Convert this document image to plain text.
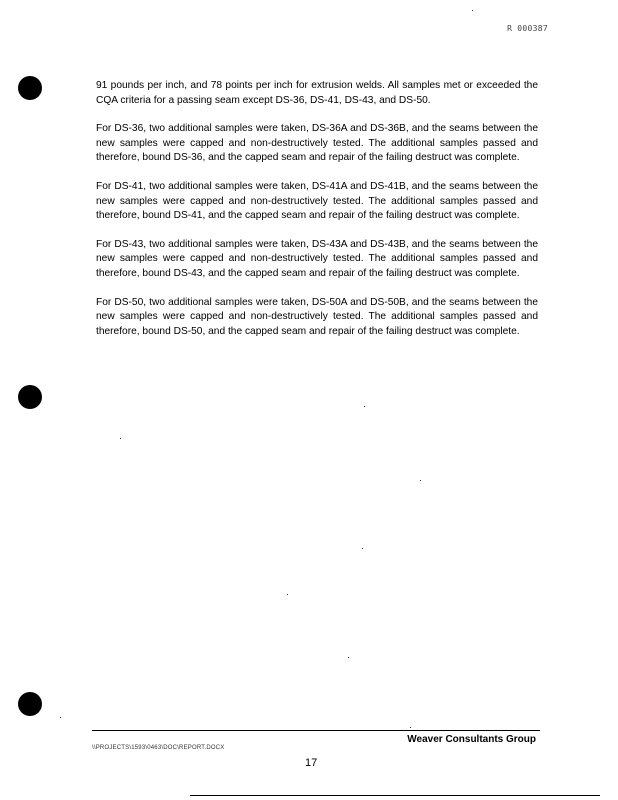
R 000387

91 pounds per inch, and 78 points per inch for extrusion welds. All samples met or exceeded the CQA criteria for a passing seam except DS-36, DS-41, DS-43, and DS-50.

For DS-36, two additional samples were taken, DS-36A and DS-36B, and the seams between the new samples were capped and non-destructively tested. The additional samples passed and therefore, bound DS-36, and the capped seam and repair of the failing destruct was complete.

For DS-41, two additional samples were taken, DS-41A and DS-41B, and the seams between the new samples were capped and non-destructively tested. The additional samples passed and therefore, bound DS-41, and the capped seam and repair of the failing destruct was complete.

For DS-43, two additional samples were taken, DS-43A and DS-43B, and the seams between the new samples were capped and non-destructively tested. The additional samples passed and therefore, bound DS-43, and the capped seam and repair of the failing destruct was complete.

For DS-50, two additional samples were taken, DS-50A and DS-50B, and the seams between the new samples were capped and non-destructively tested. The additional samples passed and therefore, bound DS-50, and the capped seam and repair of the failing destruct was complete.

Weaver Consultants Group
\\PROJECTS\1593\0463\DOC\REPORT.DOCX
17
